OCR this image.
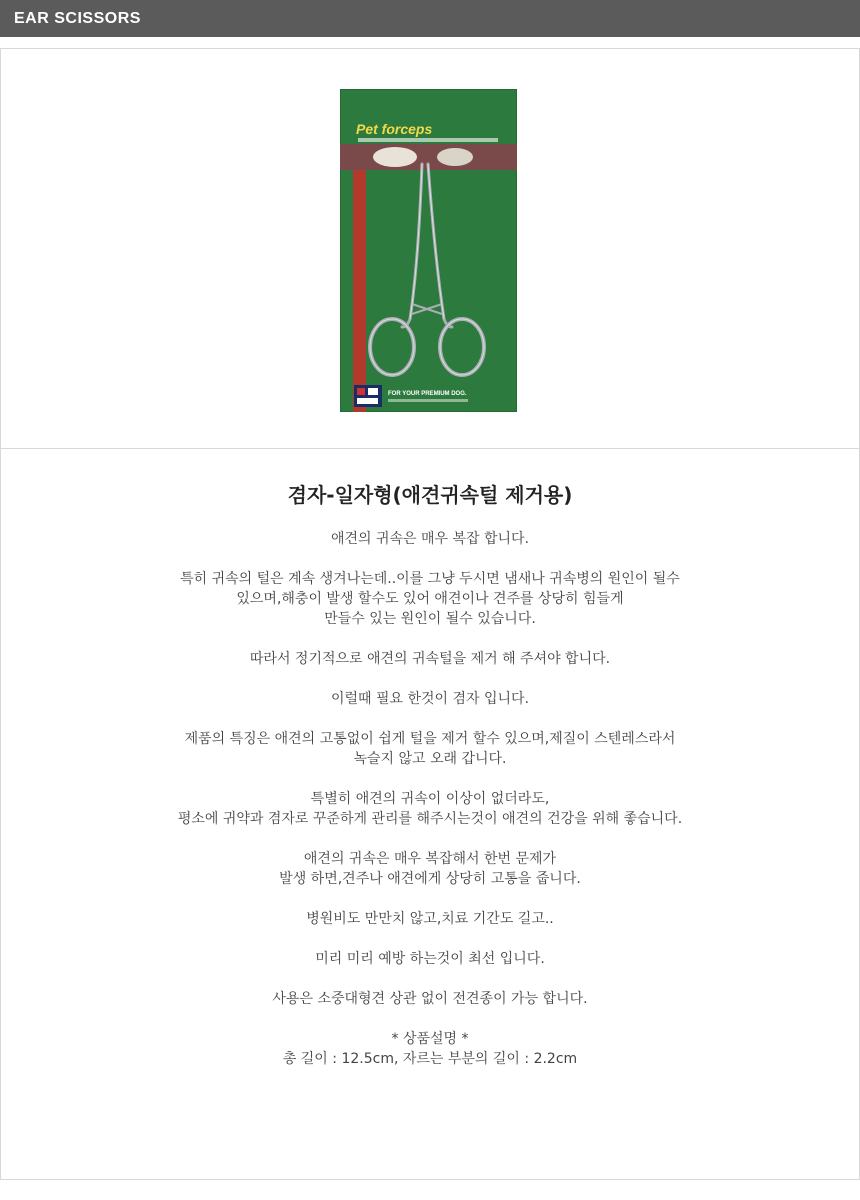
EAR SCISSORS
Pet forceps
FOR YOUR PREMIUM DOG.
겸자-일자형(애견귀속털 제거용)
애견의 귀속은 매우 복잡 합니다.
특히 귀속의 털은 계속 생겨나는데..이를 그냥 두시면 냄새나 귀속병의 원인이 될수
있으며,해충이 발생 할수도 있어 애견이나 견주를 상당히 힘들게
만들수 있는 원인이 될수 있습니다.
따라서 정기적으로 애견의 귀속털을 제거 해 주셔야 합니다.
이럴때 필요 한것이 겸자 입니다.
제품의 특징은 애견의 고통없이 쉽게 털을 제거 할수 있으며,제질이 스텐레스라서
녹슬지 않고 오래 갑니다.
특별히 애견의 귀속이 이상이 없더라도,
평소에 귀약과 겸자로 꾸준하게 관리를 해주시는것이 애견의 건강을 위해 좋습니다.
애견의 귀속은 매우 복잡해서 한번 문제가
발생 하면,견주나 애견에게 상당히 고통을 줍니다.
병원비도 만만치 않고,치료 기간도 길고..
미리 미리 예방 하는것이 최선 입니다.
사용은 소중대형견 상관 없이 전견종이 가능 합니다.
* 상품설명 *
총 길이 : 12.5cm, 자르는 부분의 길이 : 2.2cm
